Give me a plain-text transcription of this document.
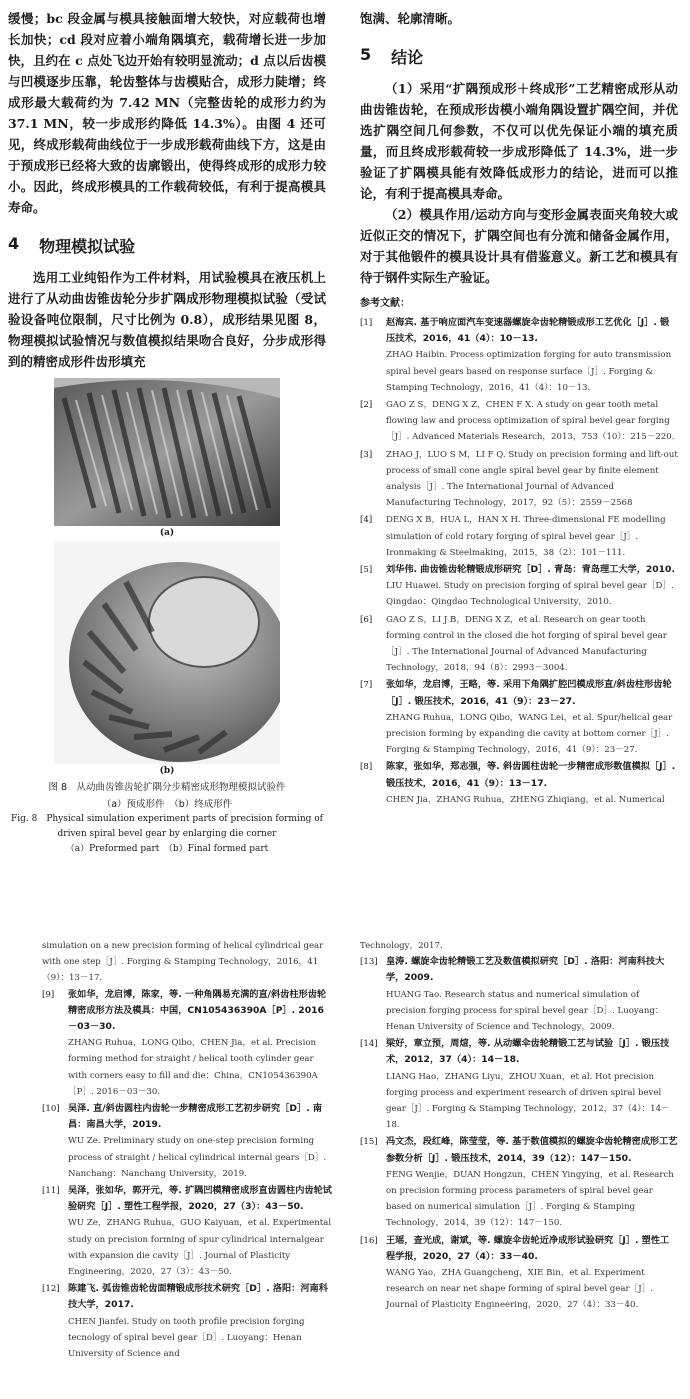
缓慢；bc 段金属与模具接触面增大较快，对应载荷也增长加快；cd 段对应着小端角隅填充，载荷增长进一步加快，且约在 c 点处飞边开始有较明显流动；d 点以后齿模与凹模逐步压靠，轮齿整体与齿模贴合，成形力陡增；终成形最大载荷约为 7.42 MN（完整齿轮的成形力约为37.1 MN，较一步成形约降低 14.3%）。由图 4 还可见，终成形载荷曲线位于一步成形载荷曲线下方，这是由于预成形已经将大致的齿廓锻出，使得终成形的成形力较小。因此，终成形模具的工作载荷较低，有利于提高模具寿命。

4 物理模拟试验

选用工业纯铅作为工件材料，用试验模具在液压机上进行了从动曲齿锥齿轮分步扩隅成形物理模拟试验（受试验设备吨位限制，尺寸比例为 0.8），成形结果见图 8，物理模拟试验情况与数值模拟结果吻合良好，分步成形得到的精密成形件齿形填充

(a)
(b)

图 8　从动曲齿锥齿轮扩隅分步精密成形物理模拟试验件

（a）预成形件　（b）终成形件

Fig. 8　Physical simulation experiment parts of precision forming of

driven spiral bevel gear by enlarging die corner

（a）Preformed part　（b）Final formed part

饱满、轮廓清晰。

5 结论

（1）采用“扩隅预成形＋终成形”工艺精密成形从动曲齿锥齿轮，在预成形齿模小端角隅设置扩隅空间，并优选扩隅空间几何参数，不仅可以优先保证小端的填充质量，而且终成形载荷较一步成形降低了 14.3%，进一步验证了扩隅模具能有效降低成形力的结论，进而可以推论，有利于提高模具寿命。

（2）模具作用/运动方向与变形金属表面夹角较大或近似正交的情况下，扩隅空间也有分流和储备金属作用，对于其他锻件的模具设计具有借鉴意义。新工艺和模具有待于钢件实际生产验证。

参考文献：
[1]	赵海宾. 基于响应面汽车变速器螺旋伞齿轮精锻成形工艺优化［J］. 锻压技术，2016，41（4）：10－13.
ZHAO Haibin. Process optimization forging for auto transmission spiral bevel gears based on response surface［J］. Forging & Stamping Technology，2016，41（4）：10－13.
[2]	GAO Z S，DENG X Z，CHEN F X. A study on gear tooth metal flowing law and process optimization of spiral bevel gear forging［J］. Advanced Materials Research，2013，753（10）：215－220.
[3]	ZHAO J，LUO S M，LI F Q. Study on precision forming and lift-out process of small cone angle spiral bevel gear by finite element analysis［J］. The International Journal of Advanced Manufacturing Technology，2017，92（5）：2559－2568
[4]	DENG X B，HUA L，HAN X H. Three-dimensional FE modelling simulation of cold rotary forging of spiral bevel gear［J］. Ironmaking & Steelmaking，2015，38（2）：101－111.
[5]	刘华伟. 曲齿锥齿轮精锻成形研究［D］. 青岛：青岛理工大学，2010.
LIU Huawei. Study on precision forging of spiral bevel gear［D］. Qingdao：Qingdao Technological University，2010.
[6]	GAO Z S，LI J B，DENG X Z，et al. Research on gear tooth forming control in the closed die hot forging of spiral bevel gear［J］. The International Journal of Advanced Manufacturing Technology，2018，94（8）：2993－3004.
[7]	张如华，龙启博，王略，等. 采用下角隅扩腔凹模成形直/斜齿柱形齿轮［J］. 锻压技术，2016，41（9）：23－27.
ZHANG Ruhua，LONG Qibo，WANG Lei，et al. Spur/helical gear precision forming by expanding die cavity at bottom corner［J］. Forging & Stamping Technology，2016，41（9）：23－27.
[8]	陈家，张如华，郑志强，等. 斜齿圆柱齿轮一步精密成形数值模拟［J］. 锻压技术，2016，41（9）：13－17.
CHEN Jia，ZHANG Ruhua，ZHENG Zhiqiang，et al. Numerical
simulation on a new precision forming of helical cylindrical gear with one step［J］. Forging & Stamping Technology，2016，41（9）：13－17.
[9]	张如华，龙启博，陈家，等. 一种角隅易充满的直/斜齿柱形齿轮精密成形方法及模具：中国，CN105436390A［P］. 2016－03－30.
ZHANG Ruhua，LONG Qibo，CHEN Jia，et al. Precision forming method for straight / helical tooth cylinder gear with corners easy to fill and die：China，CN105436390A［P］. 2016－03－30.
[10] 吴泽. 直/斜齿圆柱内齿轮一步精密成形工艺初步研究［D］. 南昌：南昌大学，2019.
WU Ze. Preliminary study on one-step precision forming process of straight / helical cylindrical internal gears［D］. Nanchang：Nanchang University，2019.
[11] 吴泽，张如华，郭开元，等. 扩隅凹模精密成形直齿圆柱内齿轮试验研究［J］. 塑性工程学报，2020，27（3）：43－50.
WU Ze，ZHANG Ruhua，GUO Kaiyuan，et al. Experimental study on precision forming of spur cylindrical internalgear with expansion die cavity［J］. Journal of Plasticity Engineering，2020，27（3）：43－50.
[12] 陈建飞. 弧齿锥齿轮齿面精锻成形技术研究［D］. 洛阳：河南科技大学，2017.
CHEN Jianfei. Study on tooth profile precision forging tecnology of spiral bevel gear［D］. Luoyang：Henan University of Science and
Technology，2017.
[13] 皇涛. 螺旋伞齿轮精锻工艺及数值模拟研究［D］. 洛阳：河南科技大学，2009.
HUANG Tao. Research status and numerical simulation of precision forging process for spiral bevel gear［D］. Luoyang：Henan University of Science and Technology，2009.
[14] 梁好，章立预，周煊，等. 从动螺伞齿轮精锻工艺与试验［J］. 锻压技术，2012，37（4）：14－18.
LIANG Hao，ZHANG Liyu，ZHOU Xuan，et al. Hot precision forging process and experiment research of driven spiral bevel gear［J］. Forging & Stamping Technology，2012，37（4）：14－18.
[15] 冯文杰，段红峰，陈莹莹，等. 基于数值模拟的螺旋伞齿轮精密成形工艺参数分析［J］. 锻压技术，2014，39（12）：147－150.
FENG Wenjie，DUAN Hongzun，CHEN Yingying，et al. Research on precision forming process parameters of spiral bevel gear based on numerical simulation［J］. Forging & Stamping Technology，2014，39（12）：147－150.
[16] 王瑶，查光成，谢斌，等. 螺旋伞齿轮近净成形试验研究［J］. 塑性工程学报，2020，27（4）：33－40.
WANG Yao，ZHA Guangcheng，XIE Bin，et al. Experiment research on near net shape forming of spiral bevel gear［J］. Journal of Plasticity Engineering，2020，27（4）：33－40.
